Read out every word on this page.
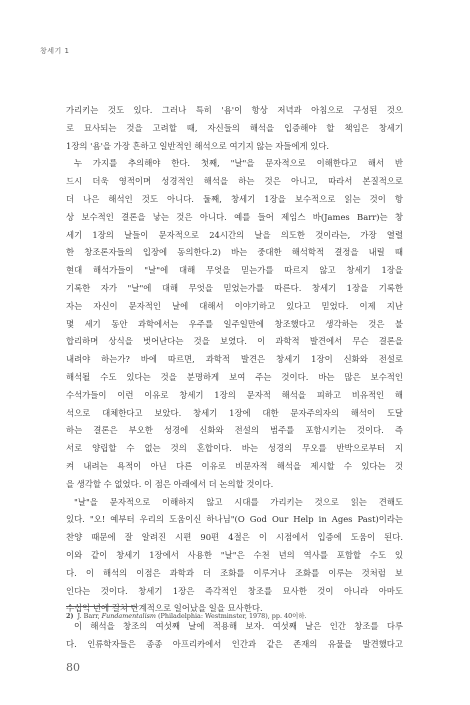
창세기 1
가리키는 것도 있다. 그러나 특히 '욤'이 항상 저녁과 아침으로 구성된 것으
로 묘사되는 것을 고려할 때, 자신들의 해석을 입증해야 할 책임은 창세기
1장의 '욤'을 가장 흔하고 일반적인 해석으로 여기지 않는 자들에게 있다.
누 가지를 추의해야 한다. 첫째, "날"을 문자적으로 이해한다고 해서 반
드시 더욱 영적이며 성경적인 해석을 하는 것은 아니고, 따라서 본질적으로
더 나은 해석인 것도 아니다. 둘째, 창세기 1장을 보수적으로 읽는 것이 항
상 보수적인 결론을 낳는 것은 아니다. 예를 들어 제임스 바(James Barr)는 창
세기 1장의 날들이 문자적으로 24시간의 날을 의도한 것이라는, 가장 열렬
한 창조론자들의 입장에 동의한다.2) 바는 중대한 해석학적 결정을 내릴 때
현대 해석가들이 "날"에 대해 무엇을 믿는가를 따르지 않고 창세기 1장을
기록한 자가 "날"에 대해 무엇을 믿었는가를 따른다. 창세기 1장을 기록한
자는 자신이 문자적인 날에 대해서 이야기하고 있다고 믿었다. 이제 지난
몇 세기 동안 과학에서는 우주를 일주일만에 창조했다고 생각하는 것은 불
합리하며 상식을 벗어난다는 것을 보였다. 이 과학적 발견에서 무슨 결론을
내려야 하는가? 바에 따르면, 과학적 발견은 창세기 1장이 신화와 전설로
해석될 수도 있다는 것을 분명하게 보여 주는 것이다. 바는 많은 보수적인
수석가들이 이런 이유로 창세기 1장의 문자적 해석을 피하고 비유적인 해
석으로 대체한다고 보았다. 창세기 1장에 대한 문자주의자의 해석이 도달
하는 결론은 부오한 성경에 신화와 전설의 범주를 포함시키는 것이다. 즉
서로 양립할 수 없는 것의 혼합이다. 바는 성경의 무오를 반박으로부터 지
켜 내려는 욕적이 아닌 다른 이유로 비문자적 해석을 제시할 수 있다는 것
을 생각할 수 없었다. 이 점은 아래에서 더 논의할 것이다.
"날"을 문자적으로 이해하지 않고 시대를 가리키는 것으로 읽는 견해도
있다. "오! 예부터 우리의 도움이신 하나님"(O God Our Help in Ages Past)이라는
찬양 때문에 잘 알려진 시편 90편 4절은 이 시점에서 입증에 도움이 된다.
이와 같이 창세기 1장에서 사용한 "날"은 수천 년의 역사를 포함할 수도 있
다. 이 해석의 이점은 과학과 더 조화를 이루거나 조화를 이루는 것처럼 보
인다는 것이다. 창세기 1장은 즉각적인 창조를 묘사한 것이 아니라 아마도
수십억 년에 걸쳐 단계적으로 일어났을 일을 묘사한다.
이 해석을 창조의 여섯째 날에 적용해 보자. 여섯째 날은 인간 창조를 다루
다. 인류학자들은 종종 아프리카에서 인간과 같은 존재의 유물을 발견했다고
2) J. Barr, Fundamentalism (Philadelphia: Westminster, 1978), pp. 40이하.
80
